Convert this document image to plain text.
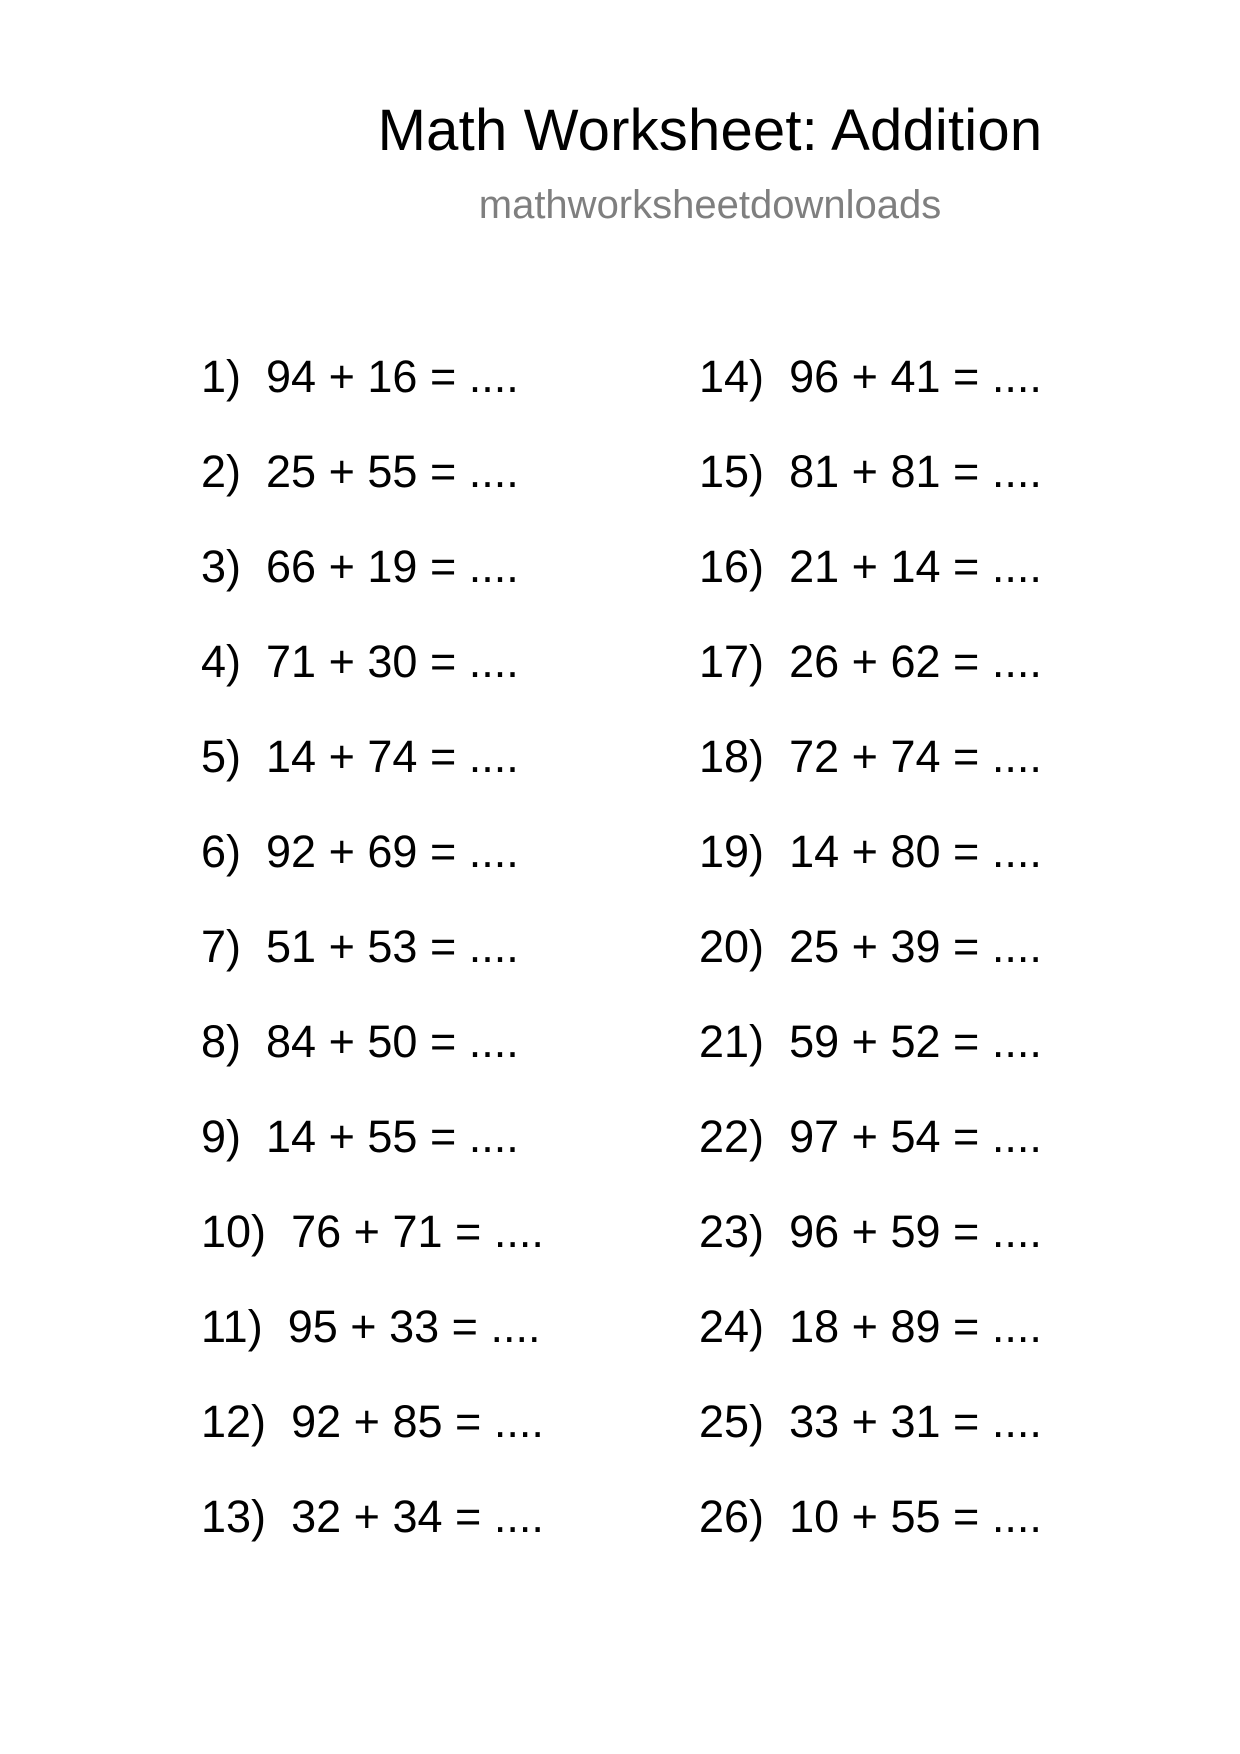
Math Worksheet: Addition
mathworksheetdownloads
1) 94 + 16 = ....
2) 25 + 55 = ....
3) 66 + 19 = ....
4) 71 + 30 = ....
5) 14 + 74 = ....
6) 92 + 69 = ....
7) 51 + 53 = ....
8) 84 + 50 = ....
9) 14 + 55 = ....
10) 76 + 71 = ....
11) 95 + 33 = ....
12) 92 + 85 = ....
13) 32 + 34 = ....
14) 96 + 41 = ....
15) 81 + 81 = ....
16) 21 + 14 = ....
17) 26 + 62 = ....
18) 72 + 74 = ....
19) 14 + 80 = ....
20) 25 + 39 = ....
21) 59 + 52 = ....
22) 97 + 54 = ....
23) 96 + 59 = ....
24) 18 + 89 = ....
25) 33 + 31 = ....
26) 10 + 55 = ....
